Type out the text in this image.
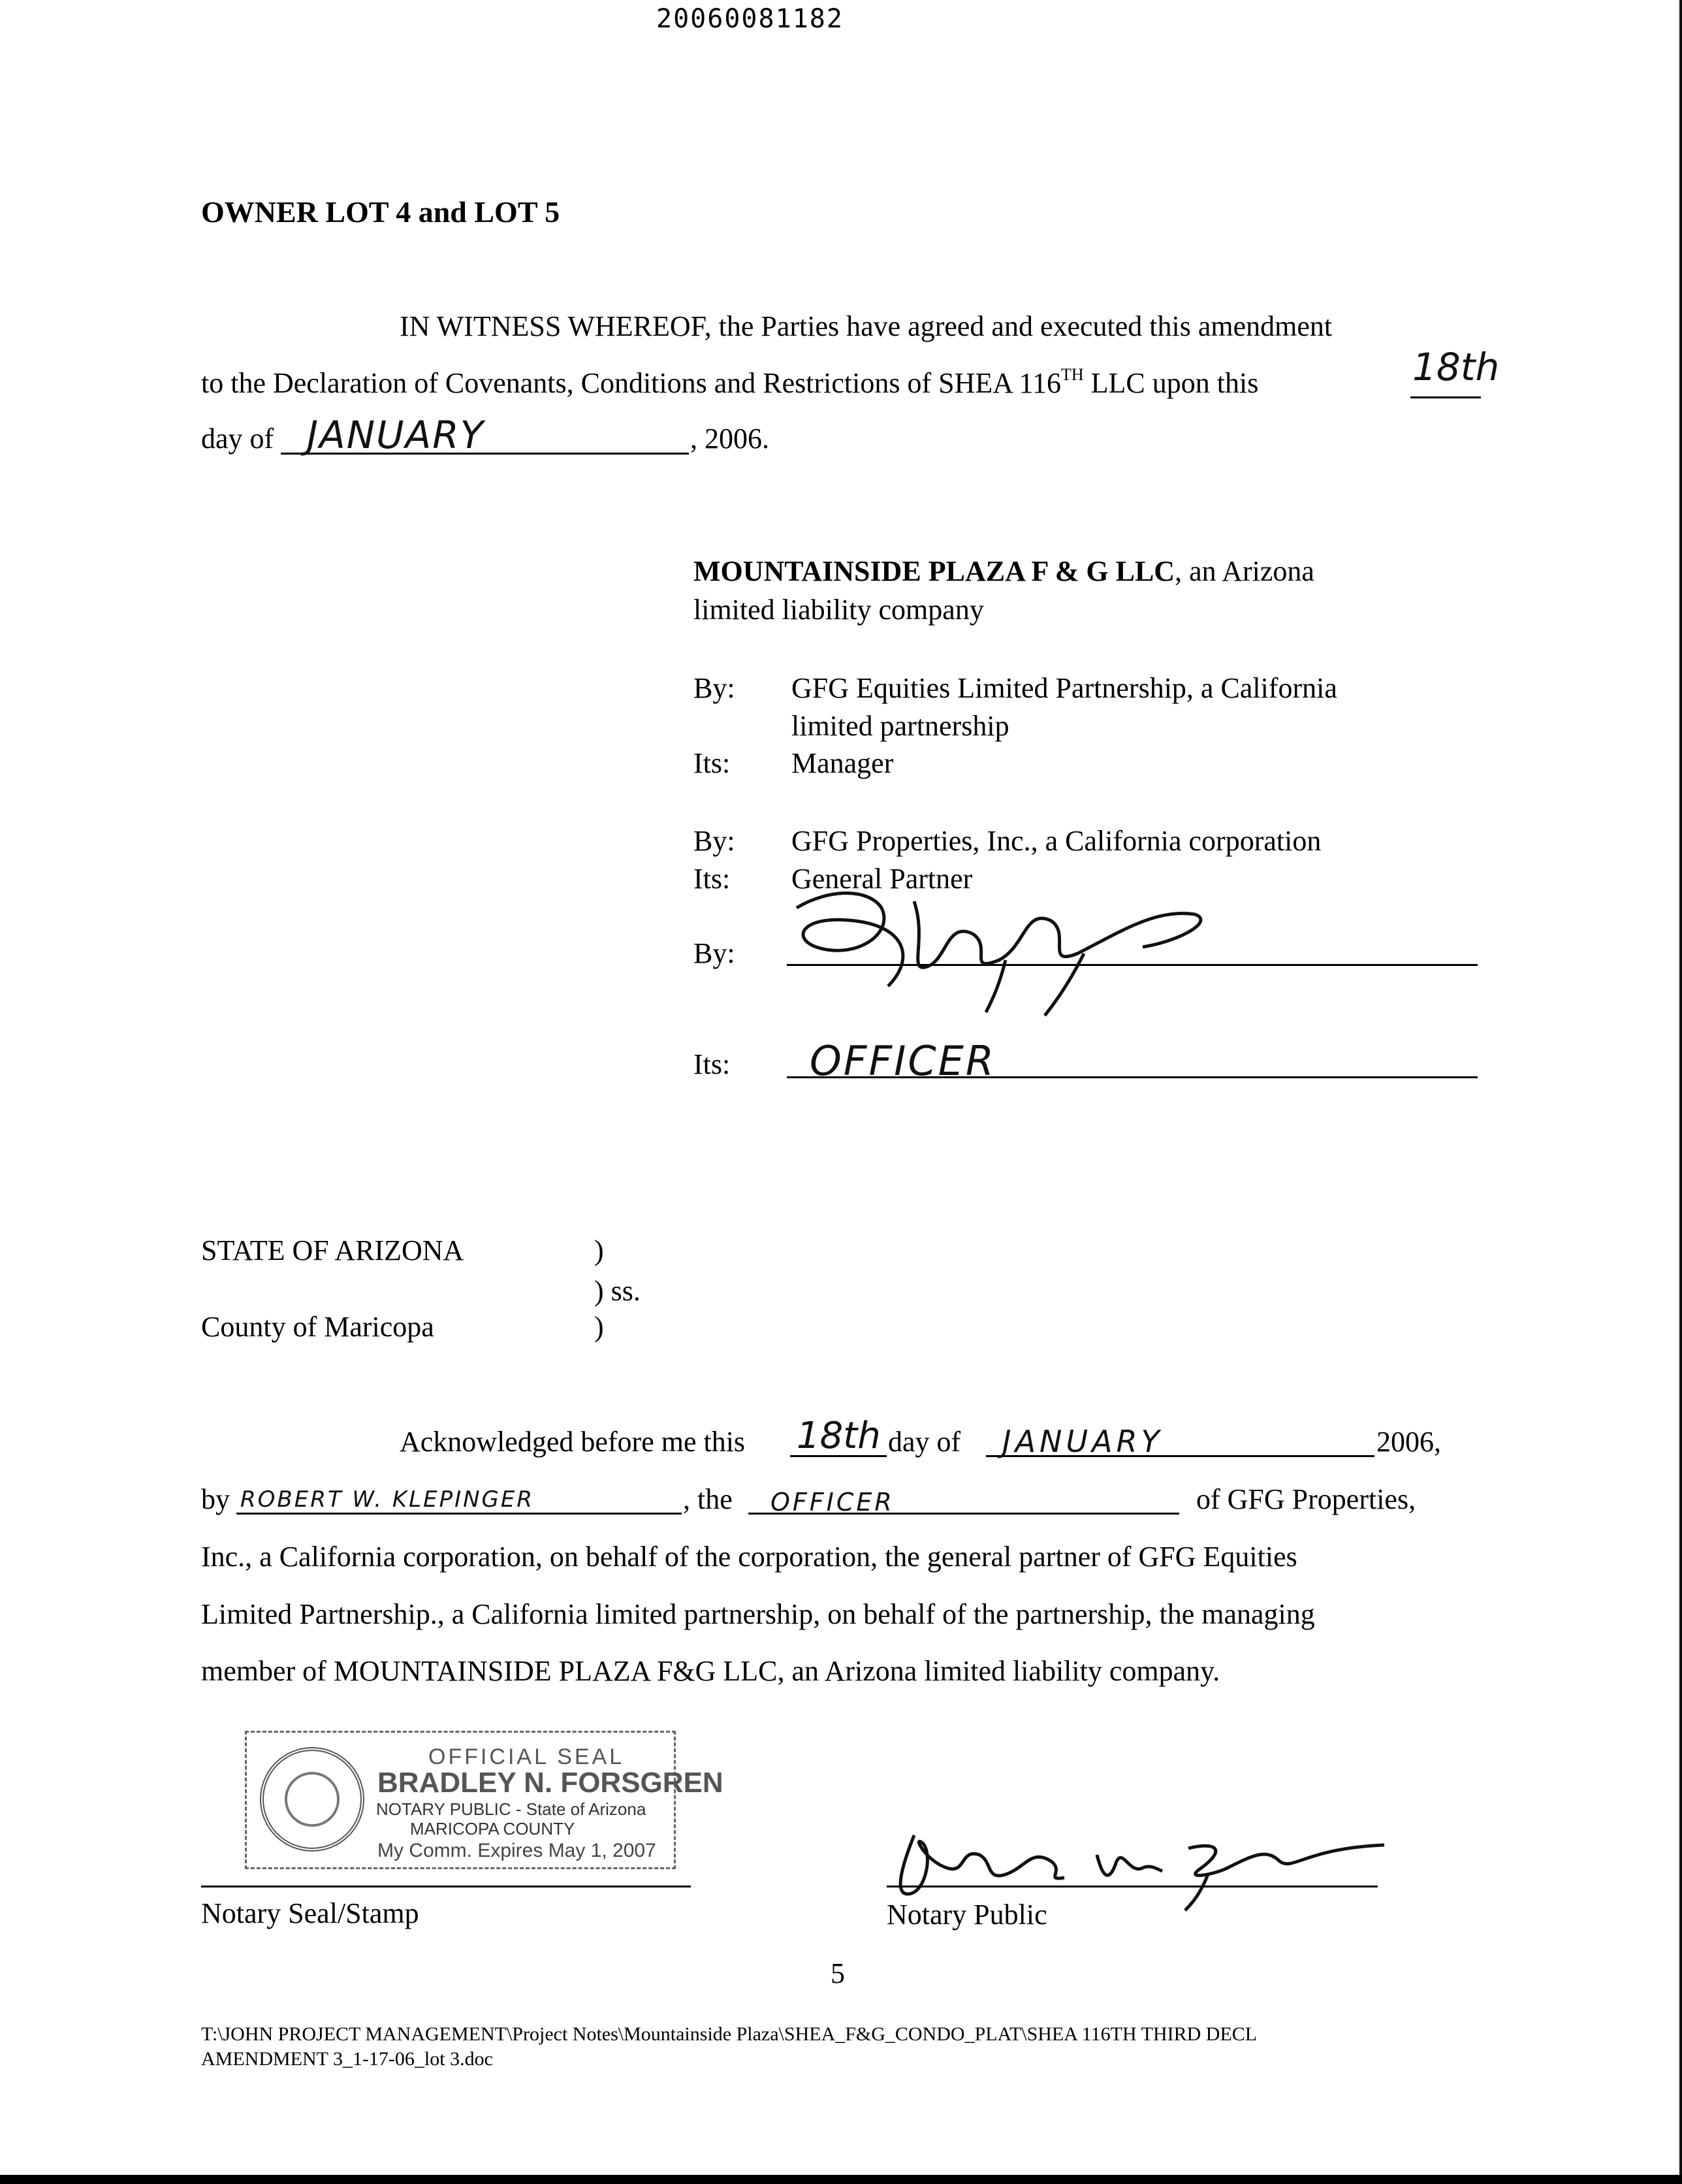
20060081182
OWNER LOT 4 and LOT 5
IN WITNESS WHEREOF, the Parties have agreed and executed this amendment
to the Declaration of Covenants, Conditions and Restrictions of SHEA 116TH LLC upon this	18th
day of JANUARY	, 2006.
MOUNTAINSIDE PLAZA F & G LLC, an Arizona
limited liability company
By: GFG Equities Limited Partnership, a California
limited partnership
Its: Manager
By: GFG Properties, Inc., a California corporation
Its: General Partner
By:
Its: OFFICER
STATE OF ARIZONA	)
) ss.
County of Maricopa	)
Acknowledged before me this 18th day of JANUARY	2006,
by ROBERT W. KLEPINGER	, the OFFICER	of GFG Properties,
Inc., a California corporation, on behalf of the corporation, the general partner of GFG Equities
Limited Partnership., a California limited partnership, on behalf of the partnership, the managing
member of MOUNTAINSIDE PLAZA F&G LLC, an Arizona limited liability company.
OFFICIAL SEAL
BRADLEY N. FORSGREN
NOTARY PUBLIC - State of Arizona
MARICOPA COUNTY
My Comm. Expires May 1, 2007
Notary Seal/Stamp	Notary Public
5
T:\JOHN PROJECT MANAGEMENT\Project Notes\Mountainside Plaza\SHEA_F&G_CONDO_PLAT\SHEA 116TH THIRD DECL
AMENDMENT 3_1-17-06_lot 3.doc
